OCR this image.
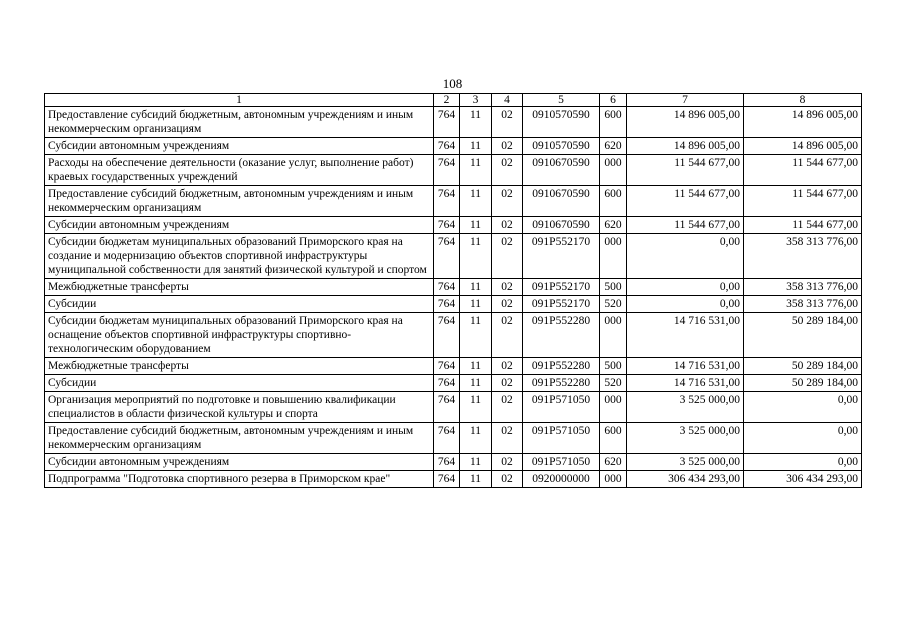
108
1	2	3	4	5	6	7	8
Предоставление субсидий бюджетным, автономным учреждениям и иным некоммерческим организациям	764	11	02	0910570590	600	14 896 005,00	14 896 005,00
Субсидии автономным учреждениям	764	11	02	0910570590	620	14 896 005,00	14 896 005,00
Расходы на обеспечение деятельности (оказание услуг, выполнение работ) краевых государственных учреждений	764	11	02	0910670590	000	11 544 677,00	11 544 677,00
Предоставление субсидий бюджетным, автономным учреждениям и иным некоммерческим организациям	764	11	02	0910670590	600	11 544 677,00	11 544 677,00
Субсидии автономным учреждениям	764	11	02	0910670590	620	11 544 677,00	11 544 677,00
Субсидии бюджетам муниципальных образований Приморского края на создание и модернизацию объектов спортивной инфраструктуры муниципальной собственности для занятий физической культурой и спортом	764	11	02	091P552170	000	0,00	358 313 776,00
Межбюджетные трансферты	764	11	02	091P552170	500	0,00	358 313 776,00
Субсидии	764	11	02	091P552170	520	0,00	358 313 776,00
Субсидии бюджетам муниципальных образований Приморского края на оснащение объектов спортивной инфраструктуры спортивно-технологическим оборудованием	764	11	02	091P552280	000	14 716 531,00	50 289 184,00
Межбюджетные трансферты	764	11	02	091P552280	500	14 716 531,00	50 289 184,00
Субсидии	764	11	02	091P552280	520	14 716 531,00	50 289 184,00
Организация мероприятий по подготовке и повышению квалификации специалистов в области физической культуры и спорта	764	11	02	091P571050	000	3 525 000,00	0,00
Предоставление субсидий бюджетным, автономным учреждениям и иным некоммерческим организациям	764	11	02	091P571050	600	3 525 000,00	0,00
Субсидии автономным учреждениям	764	11	02	091P571050	620	3 525 000,00	0,00
Подпрограмма "Подготовка спортивного резерва в Приморском крае"	764	11	02	0920000000	000	306 434 293,00	306 434 293,00
